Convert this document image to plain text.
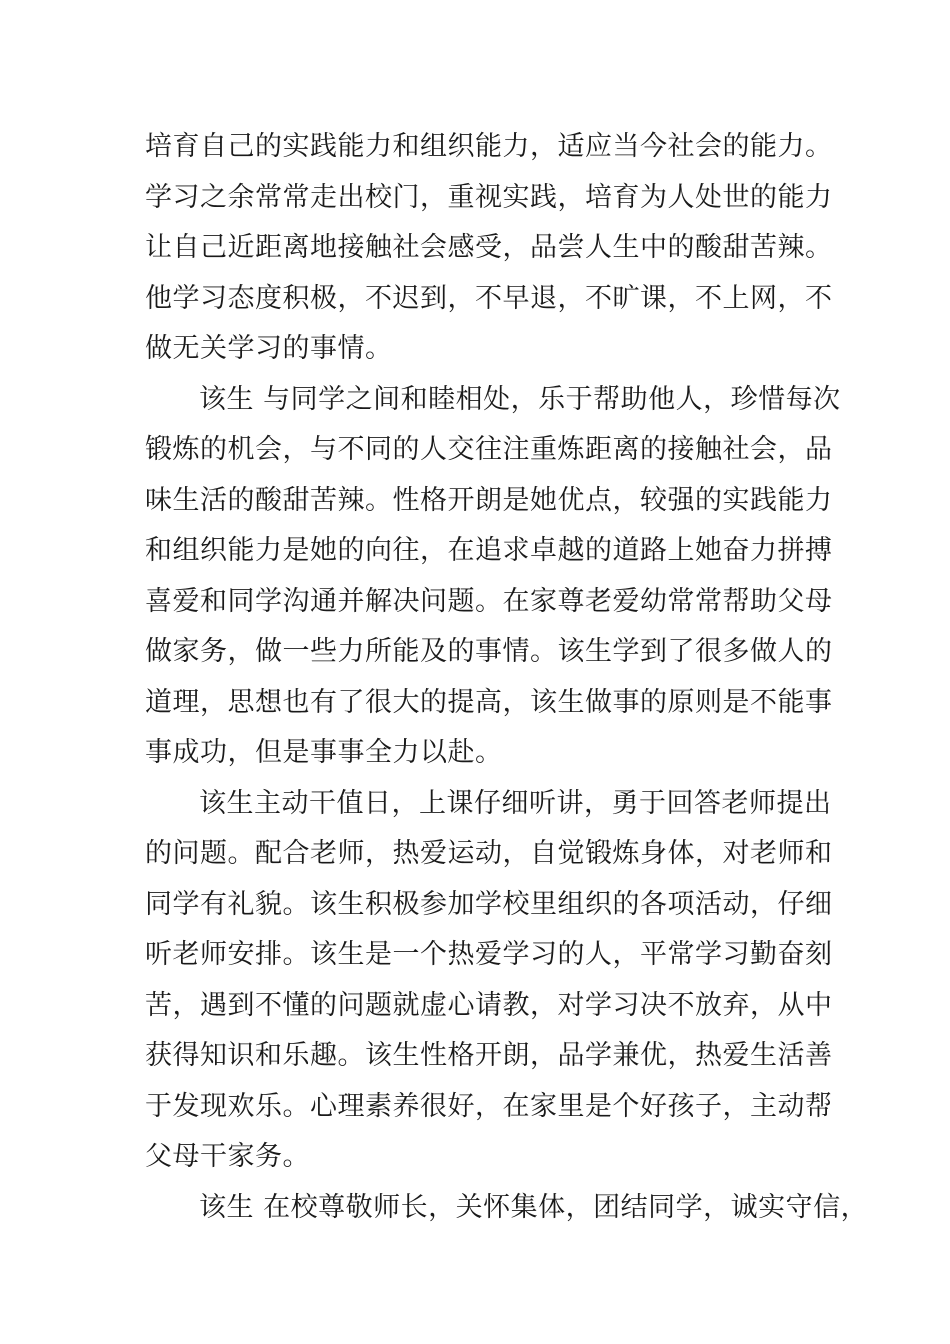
培育自己的实践能力和组织能力，适应当今社会的能力。
学习之余常常走出校门，重视实践，培育为人处世的能力
让自己近距离地接触社会感受，品尝人生中的酸甜苦辣。
他学习态度积极，不迟到，不早退，不旷课，不上网，不
做无关学习的事情。
该生 与同学之间和睦相处，乐于帮助他人，珍惜每次
锻炼的机会，与不同的人交往注重炼距离的接触社会，品
味生活的酸甜苦辣。性格开朗是她优点，较强的实践能力
和组织能力是她的向往，在追求卓越的道路上她奋力拼搏
喜爱和同学沟通并解决问题。在家尊老爱幼常常帮助父母
做家务，做一些力所能及的事情。该生学到了很多做人的
道理，思想也有了很大的提高，该生做事的原则是不能事
事成功，但是事事全力以赴。
该生主动干值日，上课仔细听讲，勇于回答老师提出
的问题。配合老师，热爱运动，自觉锻炼身体，对老师和
同学有礼貌。该生积极参加学校里组织的各项活动，仔细
听老师安排。该生是一个热爱学习的人，平常学习勤奋刻
苦，遇到不懂的问题就虚心请教，对学习决不放弃，从中
获得知识和乐趣。该生性格开朗，品学兼优，热爱生活善
于发现欢乐。心理素养很好，在家里是个好孩子，主动帮
父母干家务。
该生 在校尊敬师长，关怀集体，团结同学，诚实守信，
